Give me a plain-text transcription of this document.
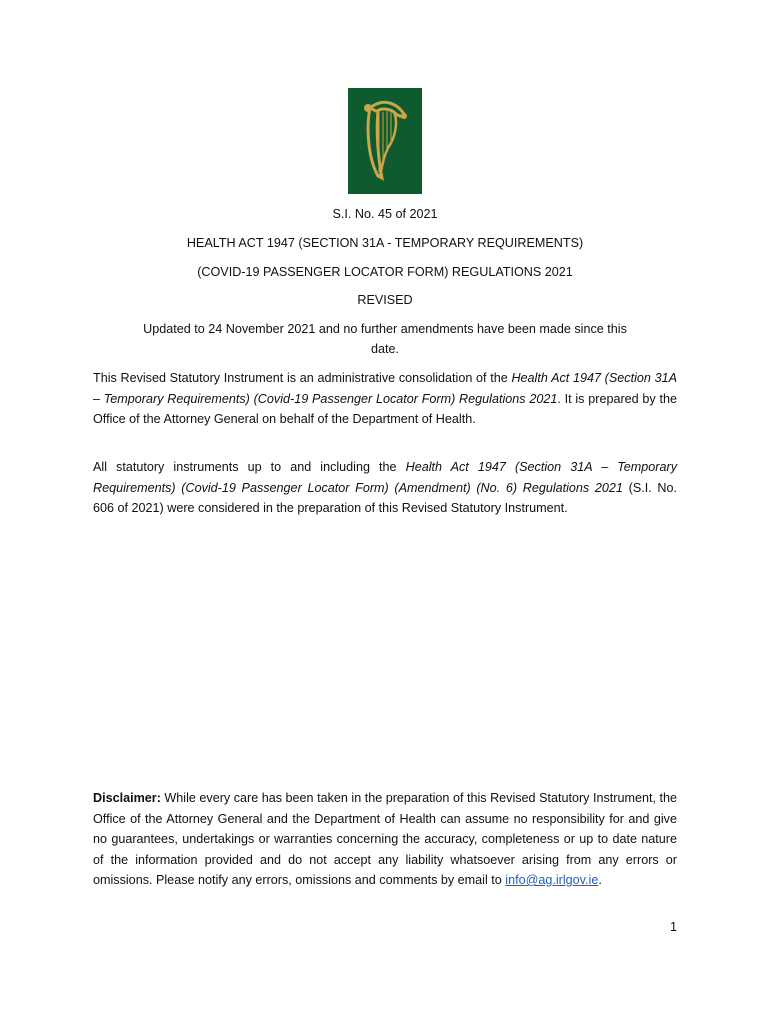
S.I. No. 45 of 2021
HEALTH ACT 1947 (SECTION 31A - TEMPORARY REQUIREMENTS)
(COVID-19 PASSENGER LOCATOR FORM) REGULATIONS 2021
REVISED
Updated to 24 November 2021 and no further amendments have been made since this
date.

This Revised Statutory Instrument is an administrative consolidation of the Health Act 1947 (Section 31A – Temporary Requirements) (Covid-19 Passenger Locator Form) Regulations 2021. It is prepared by the Office of the Attorney General on behalf of the Department of Health.

All statutory instruments up to and including the Health Act 1947 (Section 31A – Temporary Requirements) (Covid-19 Passenger Locator Form) (Amendment) (No. 6) Regulations 2021 (S.I. No. 606 of 2021) were considered in the preparation of this Revised Statutory Instrument.

Disclaimer: While every care has been taken in the preparation of this Revised Statutory Instrument, the Office of the Attorney General and the Department of Health can assume no responsibility for and give no guarantees, undertakings or warranties concerning the accuracy, completeness or up to date nature of the information provided and do not accept any liability whatsoever arising from any errors or omissions. Please notify any errors, omissions and comments by email to info@ag.irlgov.ie.

1
